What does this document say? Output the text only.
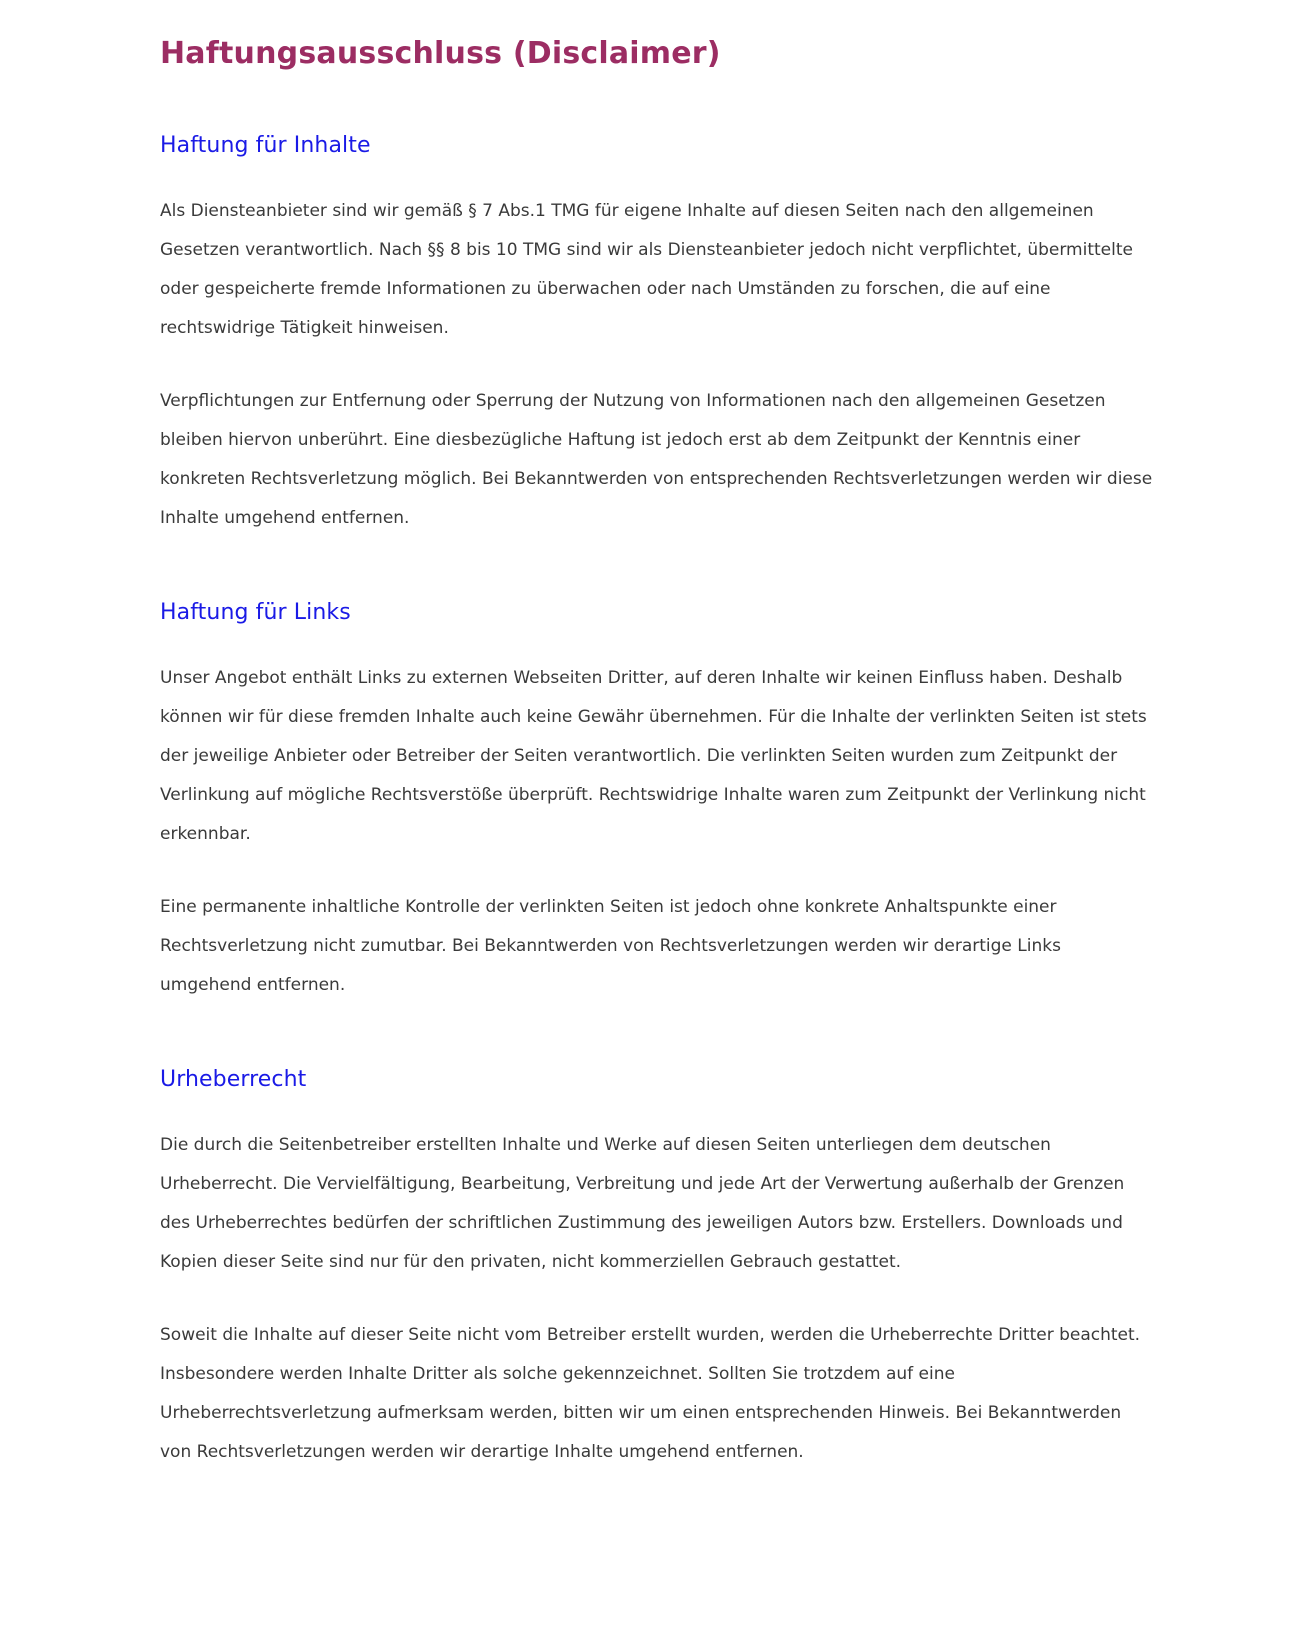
Haftungsausschluss (Disclaimer)
Haftung für Inhalte

Als Diensteanbieter sind wir gemäß § 7 Abs.1 TMG für eigene Inhalte auf diesen Seiten nach den allgemeinen Gesetzen verantwortlich. Nach §§ 8 bis 10 TMG sind wir als Diensteanbieter jedoch nicht verpflichtet, übermittelte oder gespeicherte fremde Informationen zu überwachen oder nach Umständen zu forschen, die auf eine rechtswidrige Tätigkeit hinweisen.

Verpflichtungen zur Entfernung oder Sperrung der Nutzung von Informationen nach den allgemeinen Gesetzen bleiben hiervon unberührt. Eine diesbezügliche Haftung ist jedoch erst ab dem Zeitpunkt der Kenntnis einer konkreten Rechtsverletzung möglich. Bei Bekanntwerden von entsprechenden Rechtsverletzungen werden wir diese Inhalte umgehend entfernen.

Haftung für Links

Unser Angebot enthält Links zu externen Webseiten Dritter, auf deren Inhalte wir keinen Einfluss haben. Deshalb können wir für diese fremden Inhalte auch keine Gewähr übernehmen. Für die Inhalte der verlinkten Seiten ist stets der jeweilige Anbieter oder Betreiber der Seiten verantwortlich. Die verlinkten Seiten wurden zum Zeitpunkt der Verlinkung auf mögliche Rechtsverstöße überprüft. Rechtswidrige Inhalte waren zum Zeitpunkt der Verlinkung nicht erkennbar.

Eine permanente inhaltliche Kontrolle der verlinkten Seiten ist jedoch ohne konkrete Anhaltspunkte einer Rechtsverletzung nicht zumutbar. Bei Bekanntwerden von Rechtsverletzungen werden wir derartige Links umgehend entfernen.

Urheberrecht

Die durch die Seitenbetreiber erstellten Inhalte und Werke auf diesen Seiten unterliegen dem deutschen Urheberrecht. Die Vervielfältigung, Bearbeitung, Verbreitung und jede Art der Verwertung außerhalb der Grenzen des Urheberrechtes bedürfen der schriftlichen Zustimmung des jeweiligen Autors bzw. Erstellers. Downloads und Kopien dieser Seite sind nur für den privaten, nicht kommerziellen Gebrauch gestattet.

Soweit die Inhalte auf dieser Seite nicht vom Betreiber erstellt wurden, werden die Urheberrechte Dritter beachtet. Insbesondere werden Inhalte Dritter als solche gekennzeichnet. Sollten Sie trotzdem auf eine Urheberrechtsverletzung aufmerksam werden, bitten wir um einen entsprechenden Hinweis. Bei Bekanntwerden von Rechtsverletzungen werden wir derartige Inhalte umgehend entfernen.
